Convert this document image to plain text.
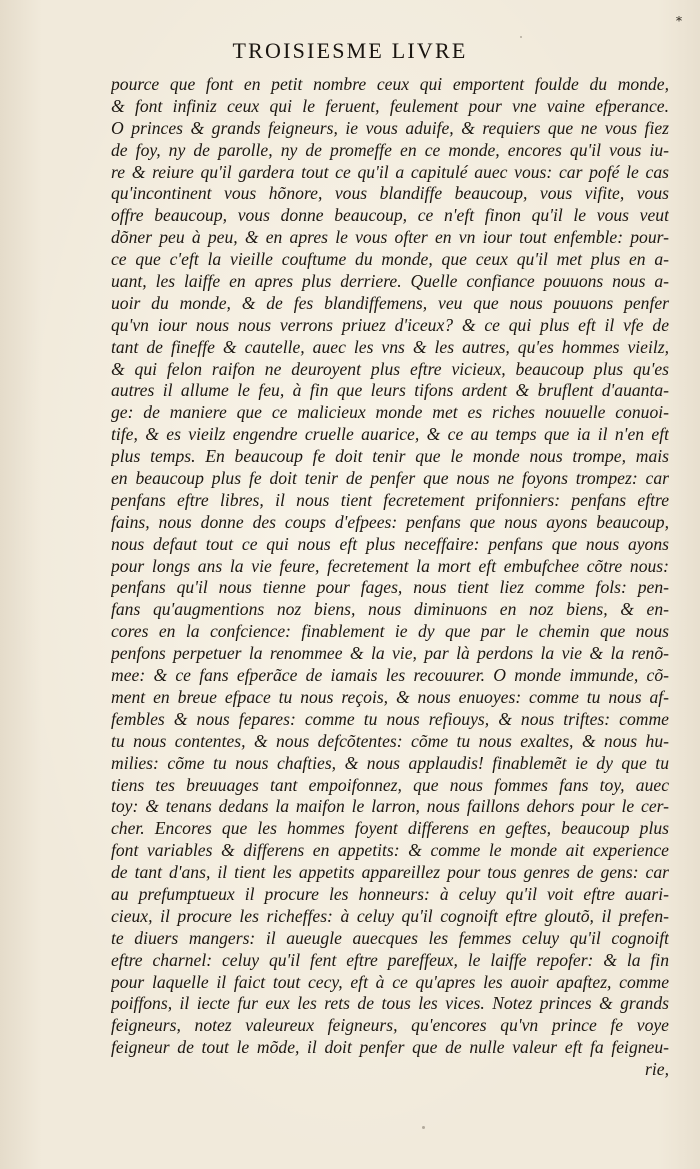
*
TROISIESME LIVRE
pource que font en petit nombre ceux qui emportent foulde du monde,
& font infiniz ceux qui le feruent, feulement pour vne vaine efperance.
O princes & grands feigneurs, ie vous aduife, & requiers que ne vous fiez
de foy, ny de parolle, ny de promeffe en ce monde, encores qu'il vous iu-
re & reiure qu'il gardera tout ce qu'il a capitulé auec vous: car pofé le cas
qu'incontinent vous hõnore, vous blandiffe beaucoup, vous vifite, vous
offre beaucoup, vous donne beaucoup, ce n'eft finon qu'il le vous veut
dõner peu à peu, & en apres le vous ofter en vn iour tout enfemble: pour-
ce que c'eft la vieille couftume du monde, que ceux qu'il met plus en a-
uant, les laiffe en apres plus derriere. Quelle confiance pouuons nous a-
uoir du monde, & de fes blandiffemens, veu que nous pouuons penfer
qu'vn iour nous nous verrons priuez d'iceux? & ce qui plus eft il vfe de
tant de fineffe & cautelle, auec les vns & les autres, qu'es hommes vieilz,
& qui felon raifon ne deuroyent plus eftre vicieux, beaucoup plus qu'es
autres il allume le feu, à fin que leurs tifons ardent & bruflent d'auanta-
ge: de maniere que ce malicieux monde met es riches nouuelle conuoi-
tife, & es vieilz engendre cruelle auarice, & ce au temps que ia il n'en eft
plus temps. En beaucoup fe doit tenir que le monde nous trompe, mais
en beaucoup plus fe doit tenir de penfer que nous ne foyons trompez: car
penfans eftre libres, il nous tient fecretement prifonniers: penfans eftre
fains, nous donne des coups d'efpees: penfans que nous ayons beaucoup,
nous defaut tout ce qui nous eft plus neceffaire: penfans que nous ayons
pour longs ans la vie feure, fecretement la mort eft embufchee cõtre nous:
penfans qu'il nous tienne pour fages, nous tient liez comme fols: pen-
fans qu'augmentions noz biens, nous diminuons en noz biens, & en-
cores en la confcience: finablement ie dy que par le chemin que nous
penfons perpetuer la renommee & la vie, par là perdons la vie & la renõ-
mee: & ce fans efperãce de iamais les recouurer. O monde immunde, cõ-
ment en breue efpace tu nous reçois, & nous enuoyes: comme tu nous af-
fembles & nous fepares: comme tu nous refiouys, & nous triftes: comme
tu nous contentes, & nous defcõtentes: cõme tu nous exaltes, & nous hu-
milies: cõme tu nous chafties, & nous applaudis! finablemẽt ie dy que tu
tiens tes breuuages tant empoifonnez, que nous fommes fans toy, auec
toy: & tenans dedans la maifon le larron, nous faillons dehors pour le cer-
cher. Encores que les hommes foyent differens en geftes, beaucoup plus
font variables & differens en appetits: & comme le monde ait experience
de tant d'ans, il tient les appetits appareillez pour tous genres de gens: car
au prefumptueux il procure les honneurs: à celuy qu'il voit eftre auari-
cieux, il procure les richeffes: à celuy qu'il cognoift eftre gloutõ, il prefen-
te diuers mangers: il aueugle auecques les femmes celuy qu'il cognoift
eftre charnel: celuy qu'il fent eftre pareffeux, le laiffe repofer: & la fin
pour laquelle il faict tout cecy, eft à ce qu'apres les auoir apaftez, comme
poiffons, il iecte fur eux les rets de tous les vices. Notez princes & grands
feigneurs, notez valeureux feigneurs, qu'encores qu'vn prince fe voye
feigneur de tout le mõde, il doit penfer que de nulle valeur eft fa feigneu-
rie,
